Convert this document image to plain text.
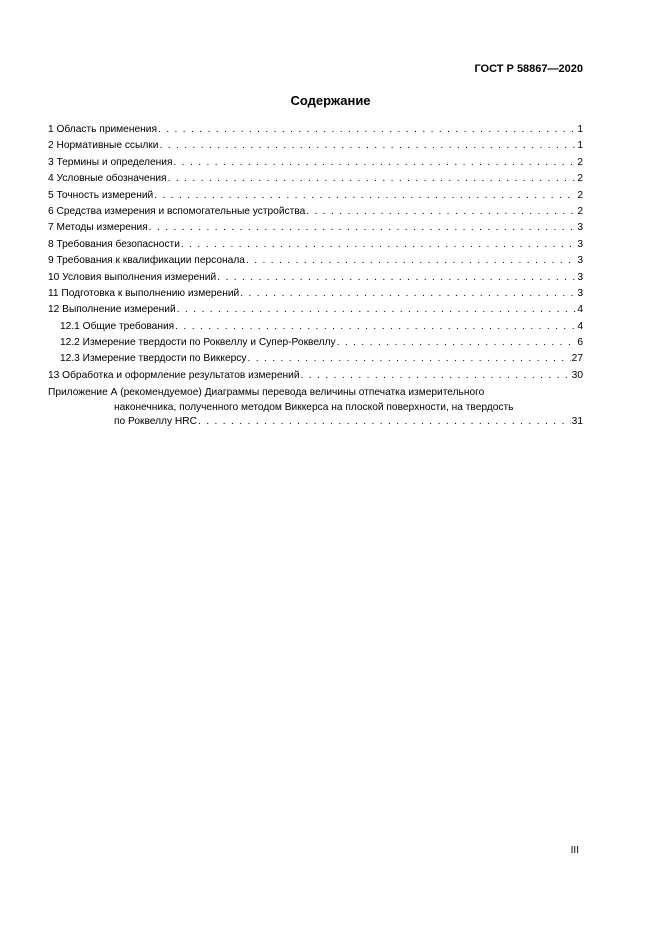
ГОСТ Р 58867—2020
Содержание
1 Область применения . . .	1
2 Нормативные ссылки . . .	1
3 Термины и определения . . .	2
4 Условные обозначения . . .	2
5 Точность измерений . . .	2
6 Средства измерения и вспомогательные устройства . . .	2
7 Методы измерения . . .	3
8 Требования безопасности . . .	3
9 Требования к квалификации персонала . . .	3
10 Условия выполнения измерений . . .	3
11 Подготовка к выполнению измерений . . .	3
12 Выполнение измерений . . .	4
12.1 Общие требования . . .	4
12.2 Измерение твердости по Роквеллу и Супер-Роквеллу . . .	6
12.3 Измерение твердости по Виккерсу . . .	27
13 Обработка и оформление результатов измерений . . .	30
Приложение А (рекомендуемое) Диаграммы перевода величины отпечатка измерительного
наконечника, полученного методом Виккерса на плоской поверхности, на твердость
по Роквеллу HRC . . .	31
III
